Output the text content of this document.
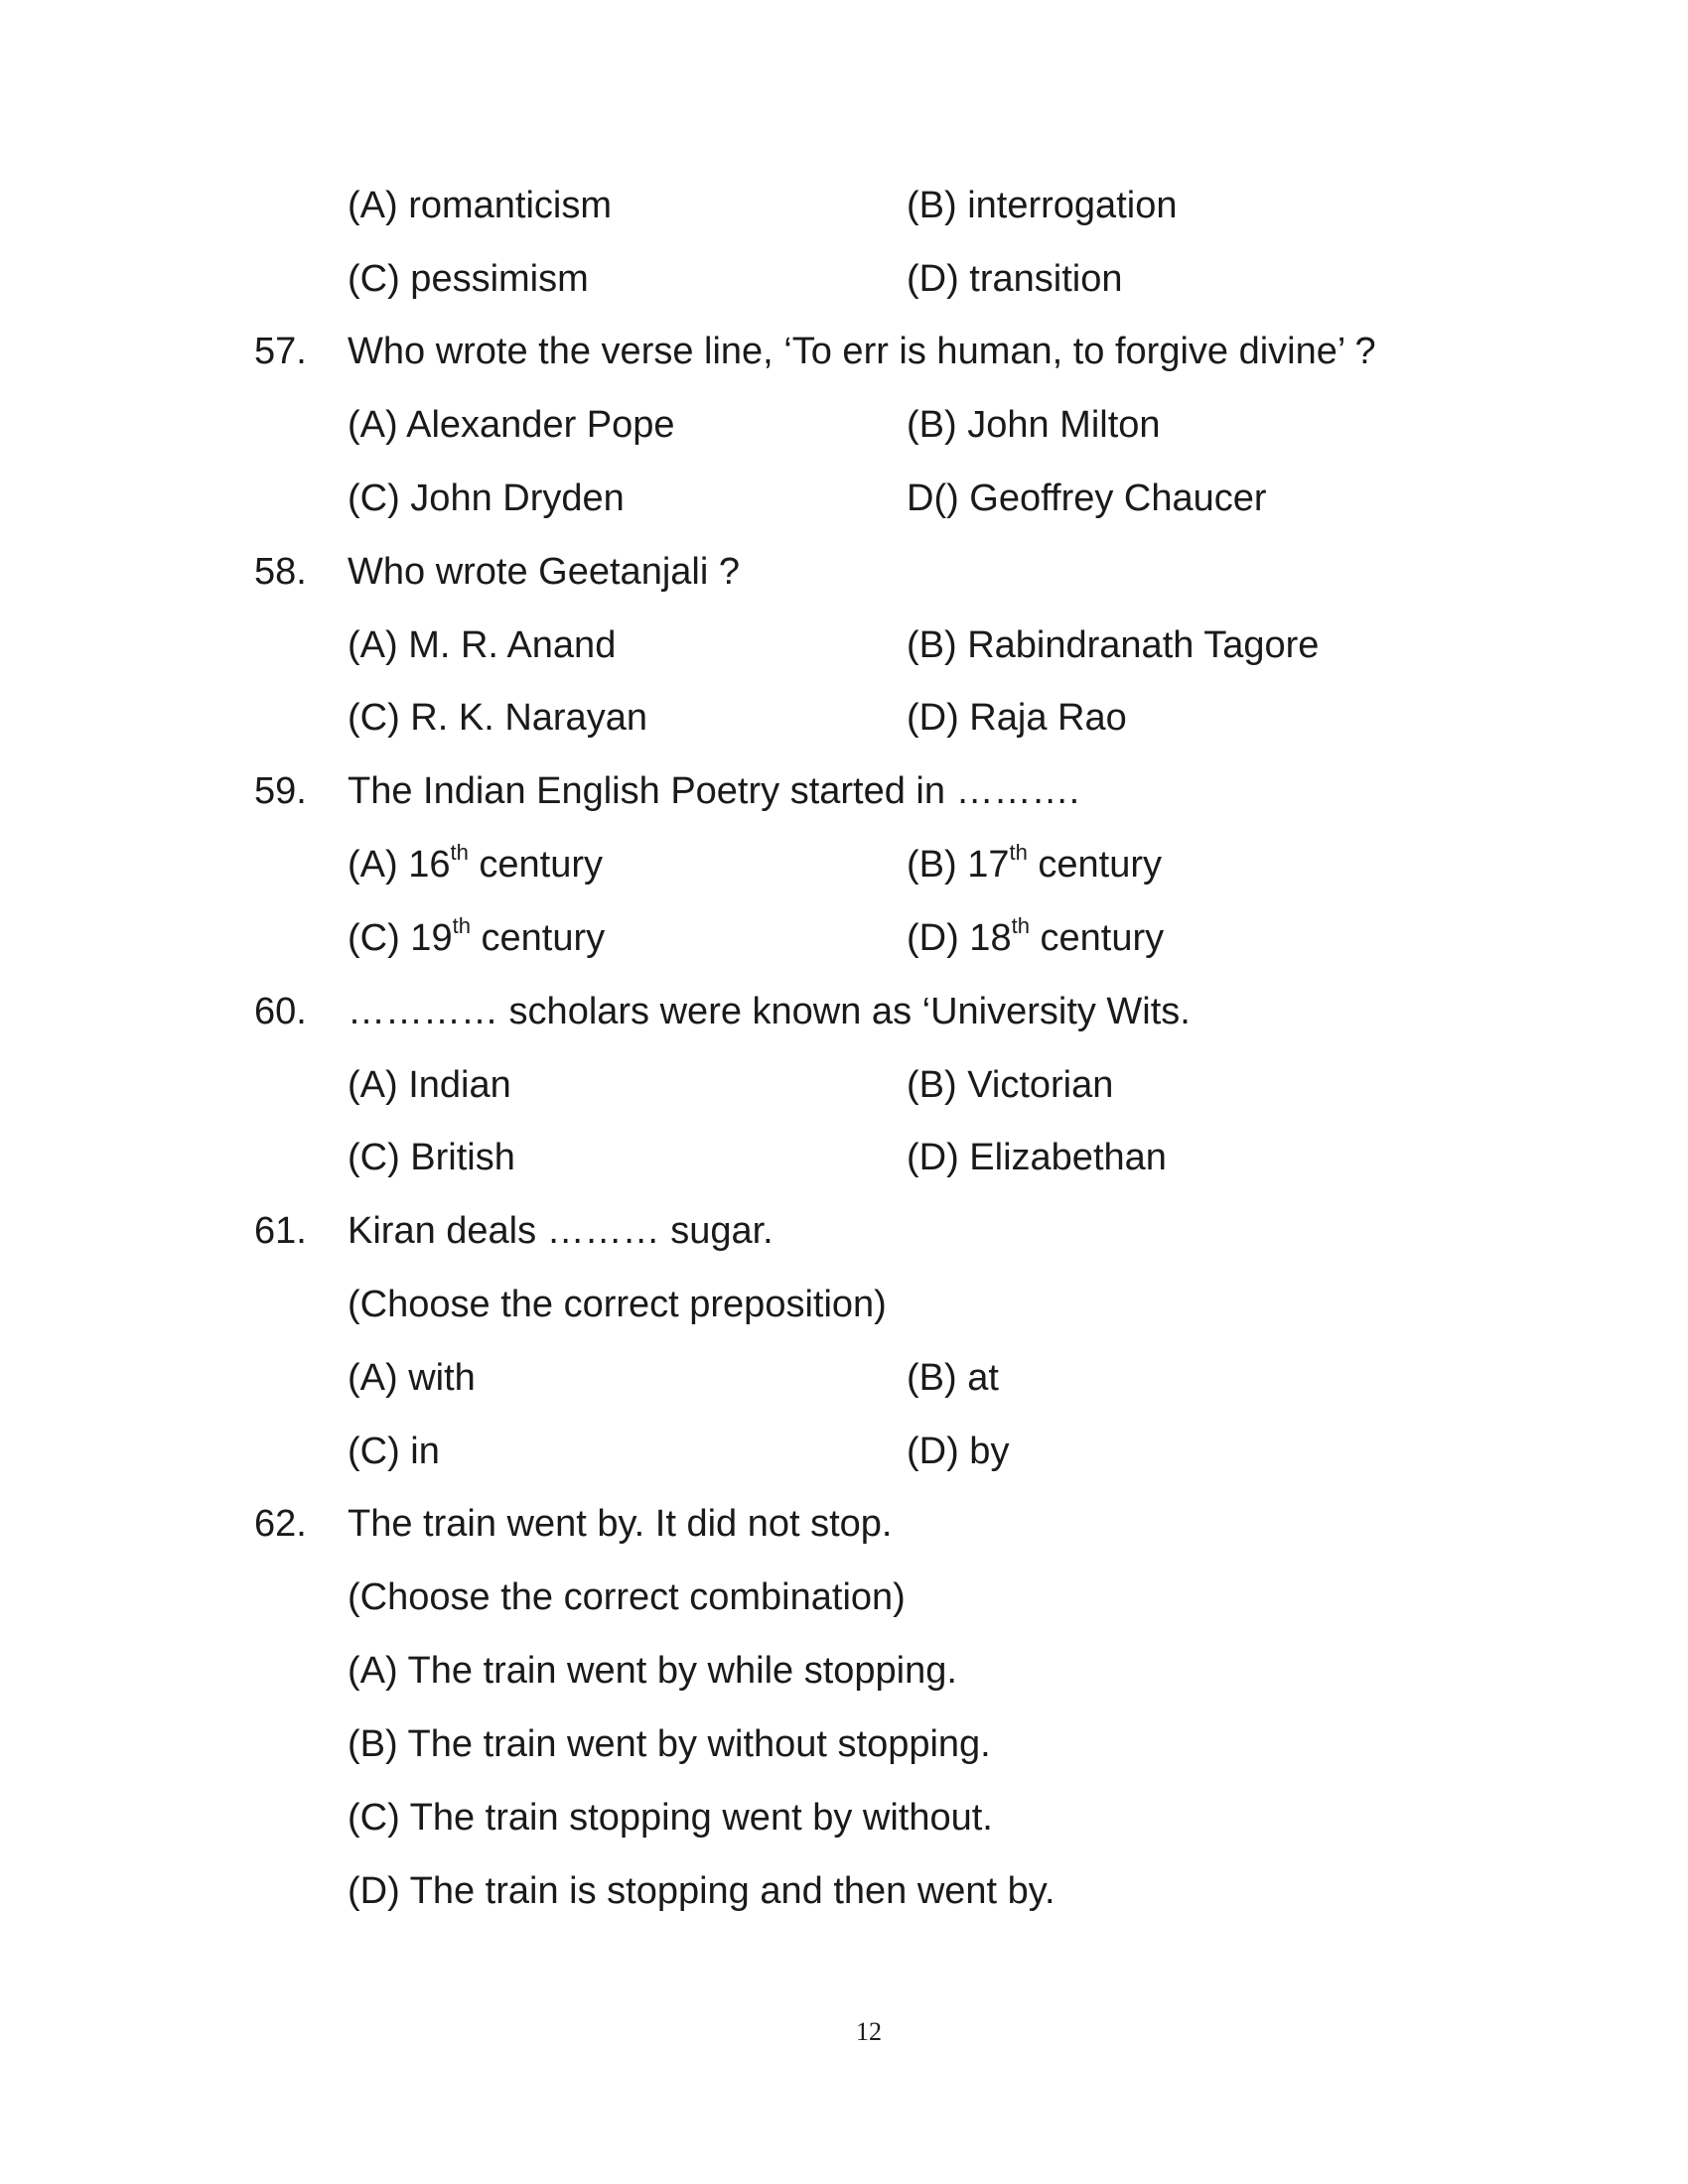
(A) romanticism	(B) interrogation
(C) pessimism	(D) transition
57. Who wrote the verse line, ‘To err is human, to forgive divine’ ?
(A) Alexander Pope	(B) John Milton
(C) John Dryden	D() Geoffrey Chaucer
58. Who wrote Geetanjali ?
(A) M. R. Anand	(B) Rabindranath Tagore
(C) R. K. Narayan	(D) Raja Rao
59. The Indian English Poetry started in ……….
(A) 16th century	(B) 17th century
(C) 19th century	(D) 18th century
60. ………… scholars were known as ‘University Wits.
(A) Indian	(B) Victorian
(C) British	(D) Elizabethan
61. Kiran deals ……… sugar.
(Choose the correct preposition)
(A) with	(B) at
(C) in	(D) by
62. The train went by. It did not stop.
(Choose the correct combination)
(A) The train went by while stopping.
(B) The train went by without stopping.
(C) The train stopping went by without.
(D) The train is stopping and then went by.
12
